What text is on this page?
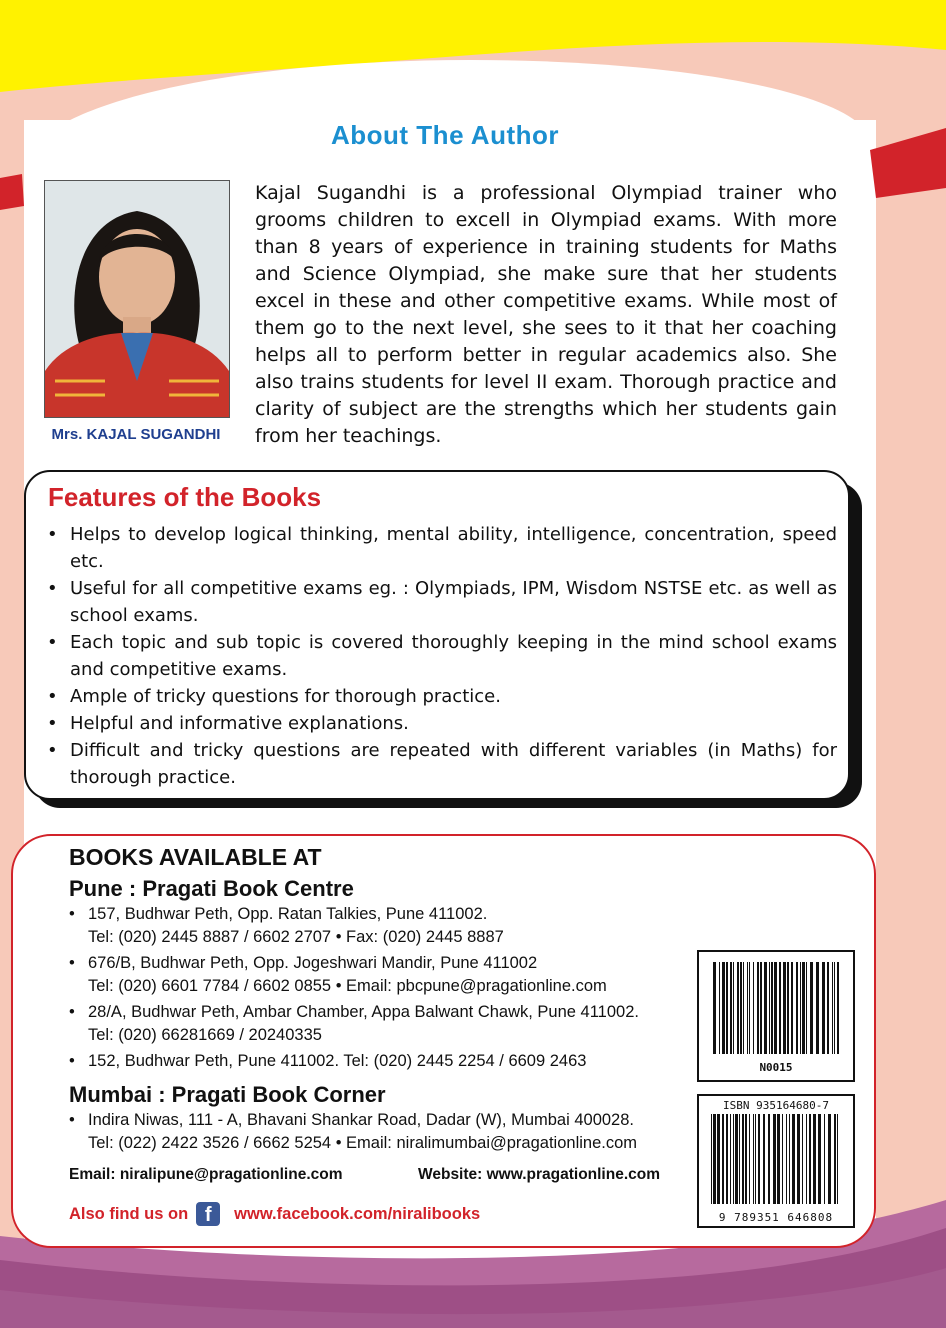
About The Author
Mrs. KAJAL SUGANDHI
Kajal Sugandhi is a professional Olympiad trainer who grooms children to excell in Olympiad exams. With more than 8 years of experience in training students for Maths and Science Olympiad, she make sure that her students excel in these and other competitive exams. While most of them go to the next level, she sees to it that her coaching helps all to perform better in regular academics also. She also trains students for level II exam. Thorough practice and clarity of subject are the strengths which her students gain from her teachings.
Features of the Books
• Helps to develop logical thinking, mental ability, intelligence, concentration, speed etc.
• Useful for all competitive exams eg. : Olympiads, IPM, Wisdom NSTSE etc. as well as school exams.
• Each topic and sub topic is covered thoroughly keeping in the mind school exams and competitive exams.
• Ample of tricky questions for thorough practice.
• Helpful and informative explanations.
• Difficult and tricky questions are repeated with different variables (in Maths) for thorough practice.
BOOKS AVAILABLE AT
Pune : Pragati Book Centre
• 157, Budhwar Peth, Opp. Ratan Talkies, Pune 411002.
Tel: (020) 2445 8887 / 6602 2707 • Fax: (020) 2445 8887
• 676/B, Budhwar Peth, Opp. Jogeshwari Mandir, Pune 411002
Tel: (020) 6601 7784 / 6602 0855 • Email: pbcpune@pragationline.com
• 28/A, Budhwar Peth, Ambar Chamber, Appa Balwant Chawk, Pune 411002.
Tel: (020) 66281669 / 20240335
• 152, Budhwar Peth, Pune 411002. Tel: (020) 2445 2254 / 6609 2463
Mumbai : Pragati Book Corner
• Indira Niwas, 111 - A, Bhavani Shankar Road, Dadar (W), Mumbai 400028.
Tel: (022) 2422 3526 / 6662 5254 • Email: niralimumbai@pragationline.com
Email: niralipune@pragationline.com	Website: www.pragationline.com
Also find us on f	www.facebook.com/niralibooks
N0015
ISBN 935164680-7
9 789351 646808
